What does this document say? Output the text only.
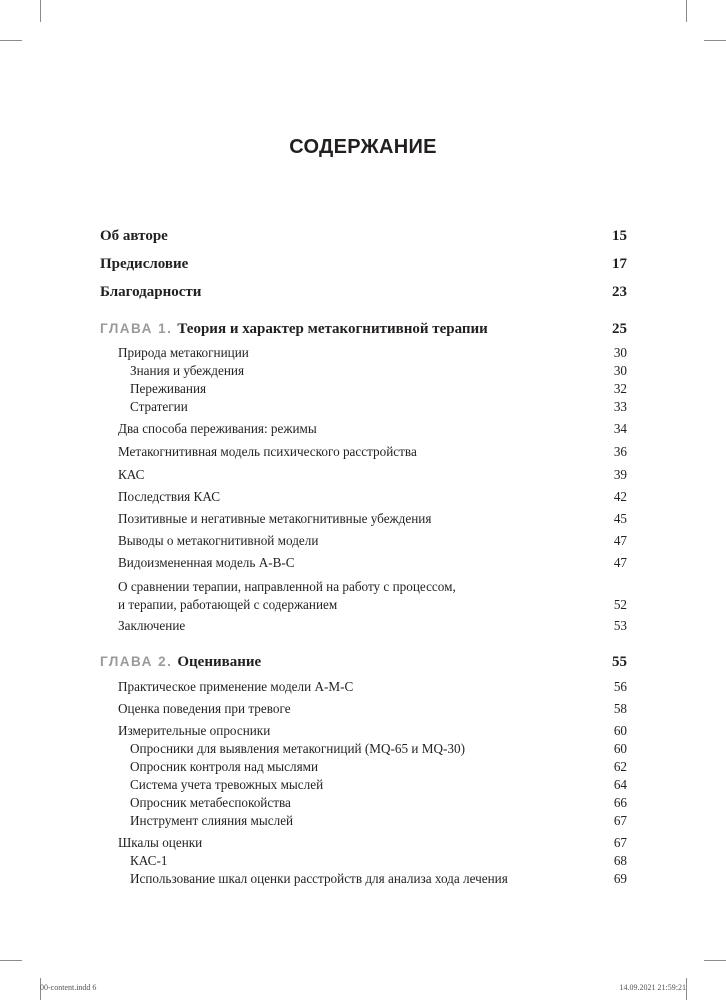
СОДЕРЖАНИЕ
Об авторе	15
Предисловие	17
Благодарности	23
ГЛАВА 1. Теория и характер метакогнитивной терапии	25
Природа метакогниции	30
Знания и убеждения	30
Переживания	32
Стратегии	33
Два способа переживания: режимы	34
Метакогнитивная модель психического расстройства	36
КАС	39
Последствия КАС	42
Позитивные и негативные метакогнитивные убеждения	45
Выводы о метакогнитивной модели	47
Видоизмененная модель А-В-С	47
О сравнении терапии, направленной на работу с процессом,
и терапии, работающей с содержанием	52
Заключение	53
ГЛАВА 2. Оценивание	55
Практическое применение модели А-М-С	56
Оценка поведения при тревоге	58
Измерительные опросники	60
Опросники для выявления метакогниций (MQ-65 и MQ-30)	60
Опросник контроля над мыслями	62
Система учета тревожных мыслей	64
Опросник метабеспокойства	66
Инструмент слияния мыслей	67
Шкалы оценки	67
КАС-1	68
Использование шкал оценки расстройств для анализа хода лечения	69
00-content.indd 6	14.09.2021 21:59:21
